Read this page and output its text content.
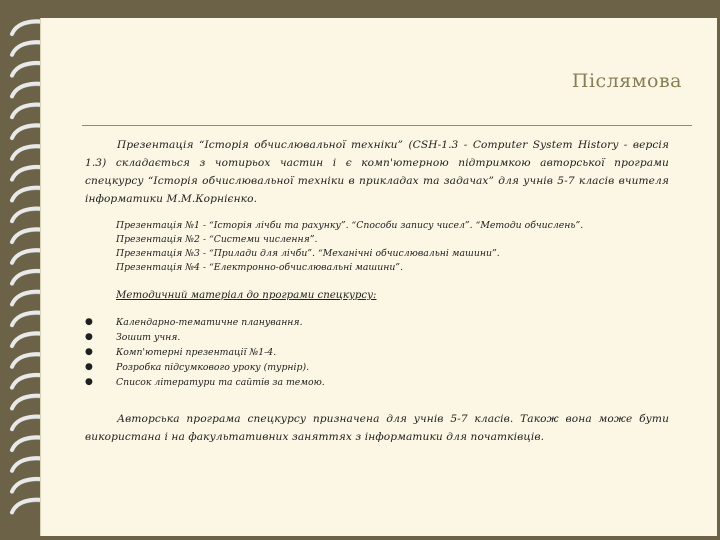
Післямова

Презентація “Історія обчислювальної техніки” (CSH-1.3 - Computer System History - версія 1.3) складається з чотирьох частин і є комп'ютерною підтримкою авторської програми спецкурсу “Історія обчислювальної техніки в прикладах та задачах” для учнів 5-7 класів вчителя інформатики М.М.Корнієнко.

Презентація №1 - “Історія лічби та рахунку”. “Способи запису чисел”. “Методи обчислень”.
Презентація №2 - “Системи числення”.
Презентація №3 - “Прилади для лічби”. “Механічні обчислювальні машини”.
Презентація №4 - “Електронно-обчислювальні машини”.
Методичний матеріал до програми спецкурсу:
● Календарно-тематичне планування.
● Зошит учня.
● Комп'ютерні презентації №1-4.
● Розробка підсумкового уроку (турнір).
● Список літератури та сайтів за темою.

Авторська програма спецкурсу призначена для учнів 5-7 класів. Також вона може бути використана і на факультативних заняттях з інформатики для початківців.
